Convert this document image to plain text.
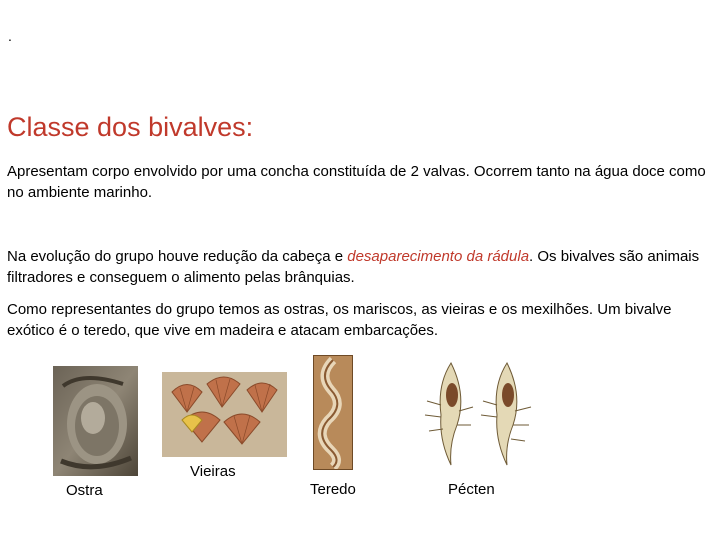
.
Classe dos bivalves:
Apresentam corpo envolvido por uma concha constituída de 2 valvas. Ocorrem tanto na água doce como no ambiente marinho.
Na evolução do grupo houve redução da cabeça e desaparecimento da rádula. Os bivalves são animais filtradores e conseguem o alimento pelas brânquias.
Como representantes do grupo temos as ostras, os mariscos, as vieiras e os mexilhões. Um bivalve exótico é o teredo, que vive em madeira e atacam embarcações.
Ostra
Vieiras
Teredo	Pécten
